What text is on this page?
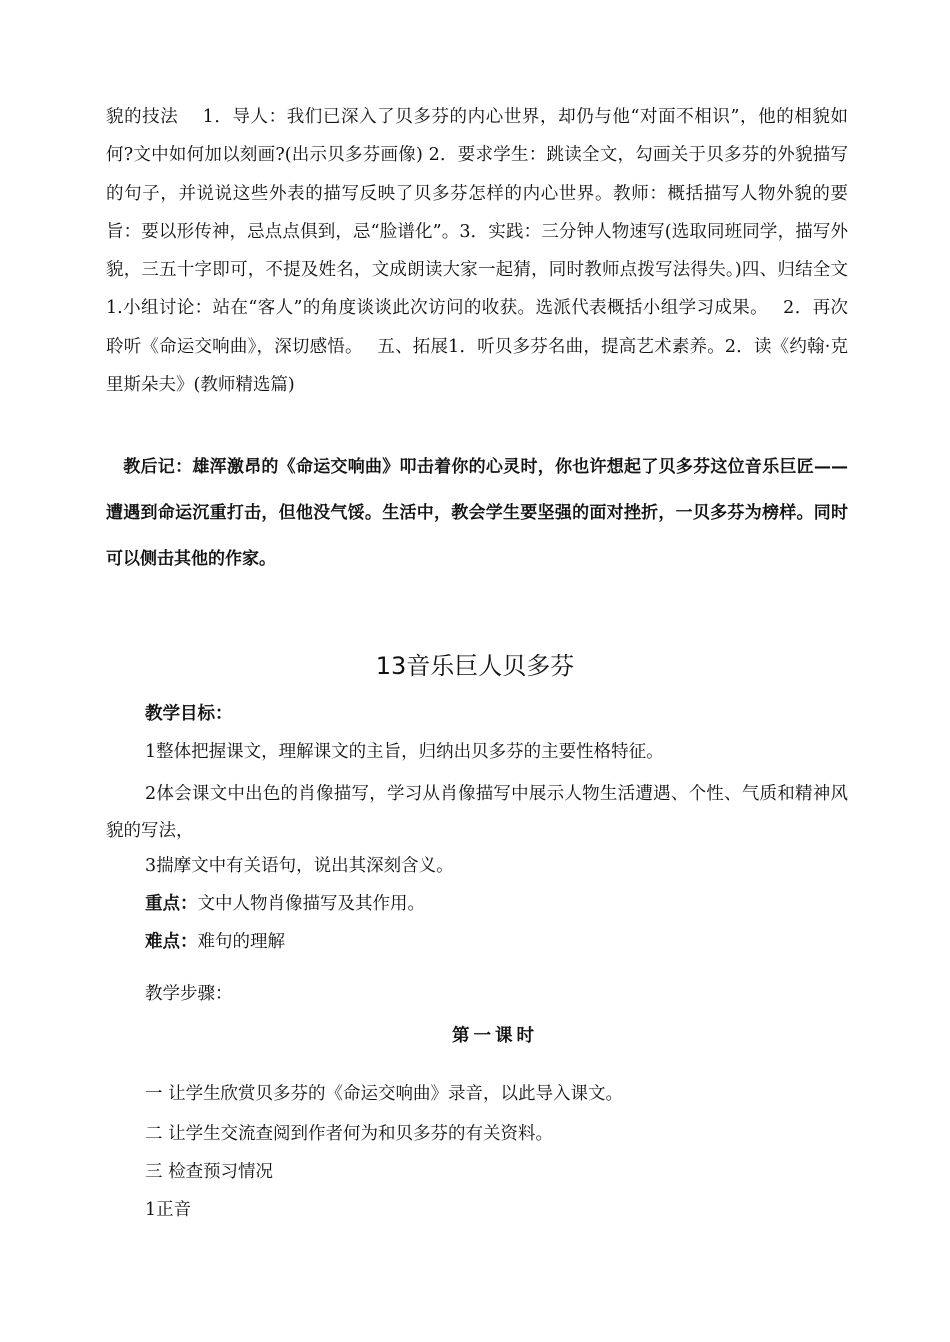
貌的技法 　1．导人：我们已深入了贝多芬的内心世界，却仍与他“对面不相识”，他的相貌如何?文中如何加以刻画?(出示贝多芬画像) 2．要求学生：跳读全文，勾画关于贝多芬的外貌描写的句子，并说说这些外表的描写反映了贝多芬怎样的内心世界。教师：概括描写人物外貌的要旨：要以形传神，忌点点俱到，忌“脸谱化”。3．实践：三分钟人物速写(选取同班同学，描写外貌，三五十字即可，不提及姓名，文成朗读大家一起猜，同时教师点拨写法得失。)四、归结全文　 1.小组讨论：站在“客人”的角度谈谈此次访问的收获。选派代表概括小组学习成果。　 2．再次聆听《命运交响曲》，深切感悟。　 五、拓展1．听贝多芬名曲，提高艺术素养。2．读《约翰·克里斯朵夫》(教师精选篇)

　教后记：雄浑激昂的《命运交响曲》叩击着你的心灵时，你也许想起了贝多芬这位音乐巨匠——遭遇到命运沉重打击，但他没气馁。生活中，教会学生要坚强的面对挫折，一贝多芬为榜样。同时可以侧击其他的作家。

13音乐巨人贝多芬

教学目标：

1整体把握课文，理解课文的主旨，归纳出贝多芬的主要性格特征。

2体会课文中出色的肖像描写，学习从肖像描写中展示人物生活遭遇、个性、气质和精神风貌的写法，

3揣摩文中有关语句，说出其深刻含义。

重点：文中人物肖像描写及其作用。

难点：难句的理解

教学步骤：

第一课时

一 让学生欣赏贝多芬的《命运交响曲》录音，以此导入课文。

二 让学生交流查阅到作者何为和贝多芬的有关资料。

三 检查预习情况

1正音
